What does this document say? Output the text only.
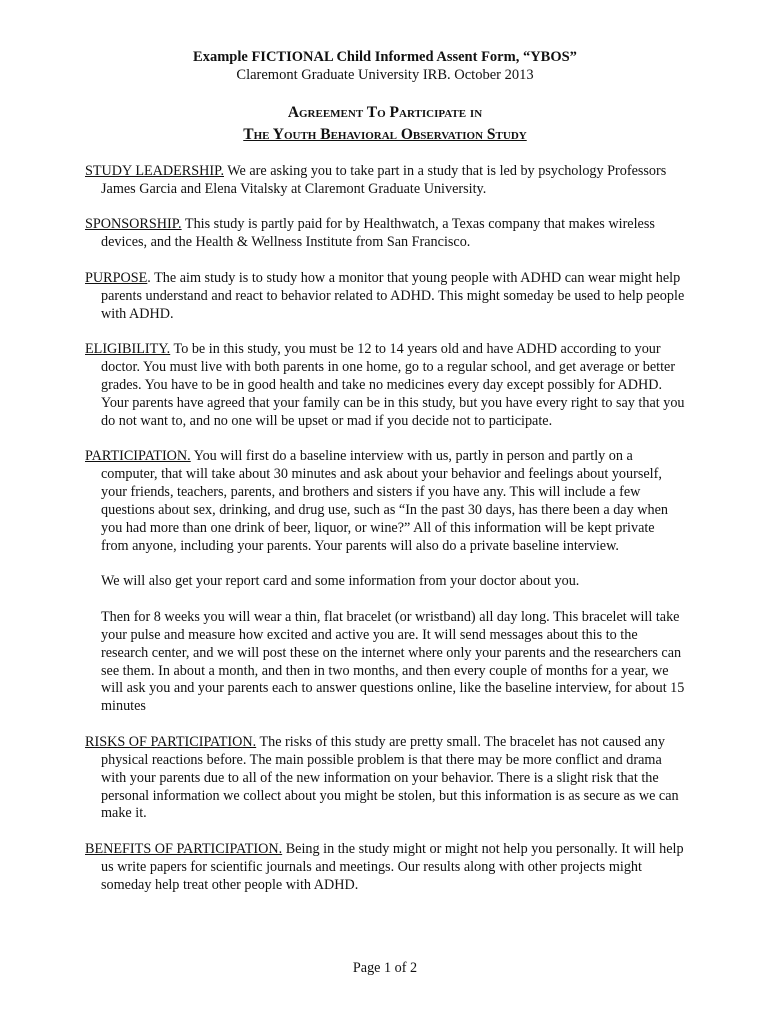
Example FICTIONAL Child Informed Assent Form, “YBOS”
Claremont Graduate University IRB. October 2013
Agreement To Participate in
The Youth Behavioral Observation Study

STUDY LEADERSHIP. We are asking you to take part in a study that is led by psychology Professors James Garcia and Elena Vitalsky at Claremont Graduate University.

SPONSORSHIP. This study is partly paid for by Healthwatch, a Texas company that makes wireless devices, and the Health & Wellness Institute from San Francisco.

PURPOSE. The aim study is to study how a monitor that young people with ADHD can wear might help parents understand and react to behavior related to ADHD. This might someday be used to help people with ADHD.

ELIGIBILITY. To be in this study, you must be 12 to 14 years old and have ADHD according to your doctor. You must live with both parents in one home, go to a regular school, and get average or better grades. You have to be in good health and take no medicines every day except possibly for ADHD. Your parents have agreed that your family can be in this study, but you have every right to say that you do not want to, and no one will be upset or mad if you decide not to participate.

PARTICIPATION. You will first do a baseline interview with us, partly in person and partly on a computer, that will take about 30 minutes and ask about your behavior and feelings about yourself, your friends, teachers, parents, and brothers and sisters if you have any. This will include a few questions about sex, drinking, and drug use, such as “In the past 30 days, has there been a day when you had more than one drink of beer, liquor, or wine?” All of this information will be kept private from anyone, including your parents. Your parents will also do a private baseline interview.

We will also get your report card and some information from your doctor about you.

Then for 8 weeks you will wear a thin, flat bracelet (or wristband) all day long. This bracelet will take your pulse and measure how excited and active you are. It will send messages about this to the research center, and we will post these on the internet where only your parents and the researchers can see them. In about a month, and then in two months, and then every couple of months for a year, we will ask you and your parents each to answer questions online, like the baseline interview, for about 15 minutes

RISKS OF PARTICIPATION. The risks of this study are pretty small. The bracelet has not caused any physical reactions before. The main possible problem is that there may be more conflict and drama with your parents due to all of the new information on your behavior. There is a slight risk that the personal information we collect about you might be stolen, but this information is as secure as we can make it.

BENEFITS OF PARTICIPATION. Being in the study might or might not help you personally. It will help us write papers for scientific journals and meetings. Our results along with other projects might someday help treat other people with ADHD.

Page 1 of 2
